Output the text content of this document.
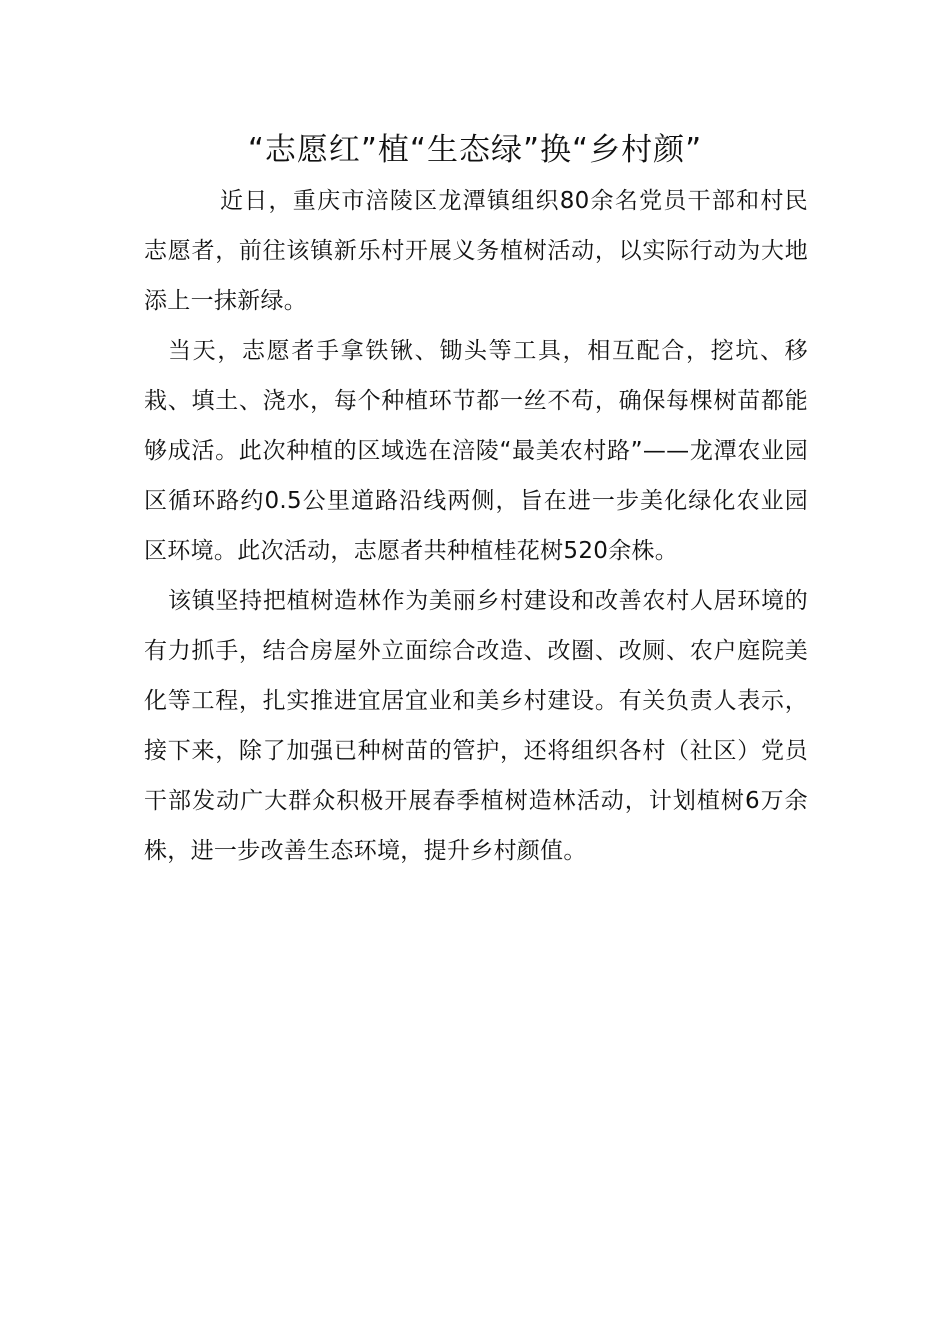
“志愿红”植“生态绿”换“乡村颜”

近日，重庆市涪陵区龙潭镇组织80余名党员干部和村民志愿者，前往该镇新乐村开展义务植树活动，以实际行动为大地添上一抹新绿。

当天，志愿者手拿铁锹、锄头等工具，相互配合，挖坑、移栽、填土、浇水，每个种植环节都一丝不苟，确保每棵树苗都能够成活。此次种植的区域选在涪陵“最美农村路”——龙潭农业园区循环路约0.5公里道路沿线两侧，旨在进一步美化绿化农业园区环境。此次活动，志愿者共种植桂花树520余株。

该镇坚持把植树造林作为美丽乡村建设和改善农村人居环境的有力抓手，结合房屋外立面综合改造、改圈、改厕、农户庭院美化等工程，扎实推进宜居宜业和美乡村建设。有关负责人表示，接下来，除了加强已种树苗的管护，还将组织各村（社区）党员干部发动广大群众积极开展春季植树造林活动，计划植树6万余株，进一步改善生态环境，提升乡村颜值。
